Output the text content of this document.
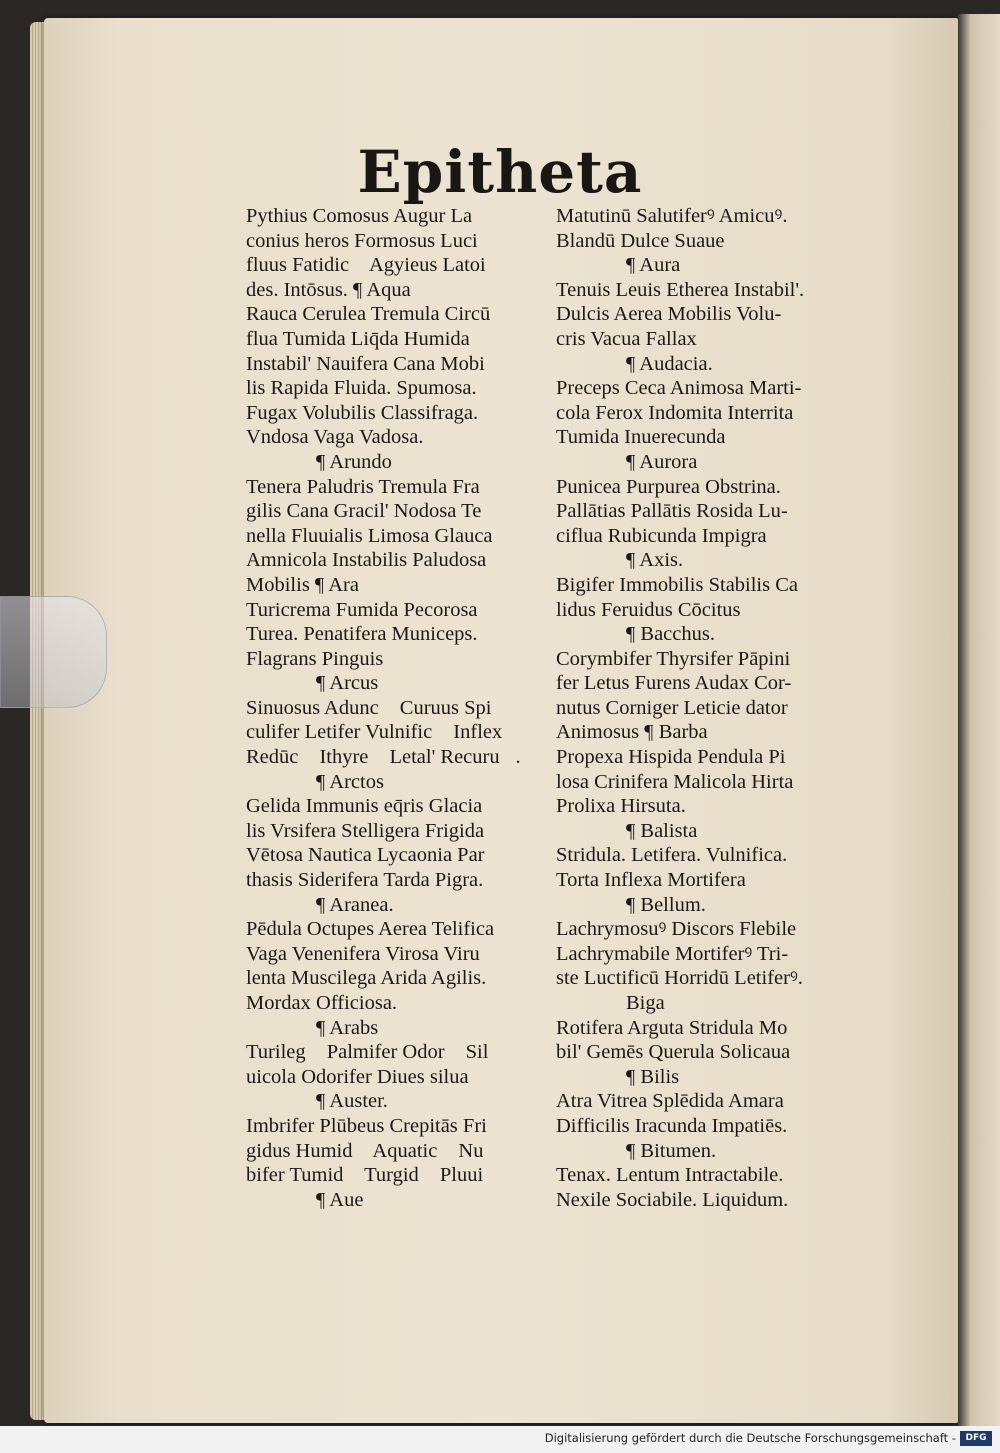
Epitheta
Pythius Comosus Augur La
conius heros Formosus Luci
fluus Fatidic᷒ Agyieus Latoi
des. Intōsus. ¶ Aqua
Rauca Cerulea Tremula Circū
flua Tumida Liq̄da Humida
Instabil' Nauifera Cana Mobi
lis Rapida Fluida. Spumosa.
Fugax Volubilis Classifraga.
Vndosa Vaga Vadosa.
¶ Arundo
Tenera Paludris Tremula Fra
gilis Cana Gracil' Nodosa Te
nella Fluuialis Limosa Glauca
Amnicola Instabilis Paludosa
Mobilis ¶ Ara
Turicrema Fumida Pecorosa
Turea. Penatifera Municeps.
Flagrans Pinguis
¶ Arcus
Sinuosus Adunc᷒ Curuus Spi
culifer Letifer Vulnific᷒ Inflex᷒
Redūc᷒ Ithyre᷒ Letal' Recuru᷒.
¶ Arctos
Gelida Immunis eq̄ris Glacia
lis Vrsifera Stelligera Frigida
Vētosa Nautica Lycaonia Par
thasis Siderifera Tarda Pigra.
¶ Aranea.
Pēdula Octupes Aerea Telifica
Vaga Venenifera Virosa Viru
lenta Muscilega Arida Agilis.
Mordax Officiosa.
¶ Arabs
Turileg᷒ Palmifer Odor᷒ Sil
uicola Odorifer Diues silua
¶ Auster.
Imbrifer Plūbeus Crepitās Fri
gidus Humid᷒ Aquatic᷒ Nu
bifer Tumid᷒ Turgid᷒ Pluui᷒
¶ Aue
Matutinū Salutiferꝰ Amicuꝰ.
Blandū Dulce Suaue
¶ Aura
Tenuis Leuis Etherea Instabil'.
Dulcis Aerea Mobilis Volu-
cris Vacua Fallax
¶ Audacia.
Preceps Ceca Animosa Marti-
cola Ferox Indomita Interrita
Tumida Inuerecunda
¶ Aurora
Punicea Purpurea Obstrina.
Pallātias Pallātis Rosida Lu-
ciflua Rubicunda Impigra
¶ Axis.
Bigifer Immobilis Stabilis Ca
lidus Feruidus Cōcitus
¶ Bacchus.
Corymbifer Thyrsifer Pāpini
fer Letus Furens Audax Cor-
nutus Corniger Leticie dator
Animosus ¶ Barba
Propexa Hispida Pendula Pi
losa Crinifera Malicola Hirta
Prolixa Hirsuta.
¶ Balista
Stridula. Letifera. Vulnifica.
Torta Inflexa Mortifera
¶ Bellum.
Lachrymosuꝰ Discors Flebile
Lachrymabile Mortiferꝰ Tri-
ste Luctificū Horridū Letiferꝰ.
Biga
Rotifera Arguta Stridula Mo
bil' Gemēs Querula Solicaua
¶ Bilis
Atra Vitrea Splēdida Amara
Difficilis Iracunda Impatiēs.
¶ Bitumen.
Tenax. Lentum Intractabile.
Nexile Sociabile. Liquidum.
Digitalisierung gefördert durch die Deutsche Forschungsgemeinschaft -	DFG
